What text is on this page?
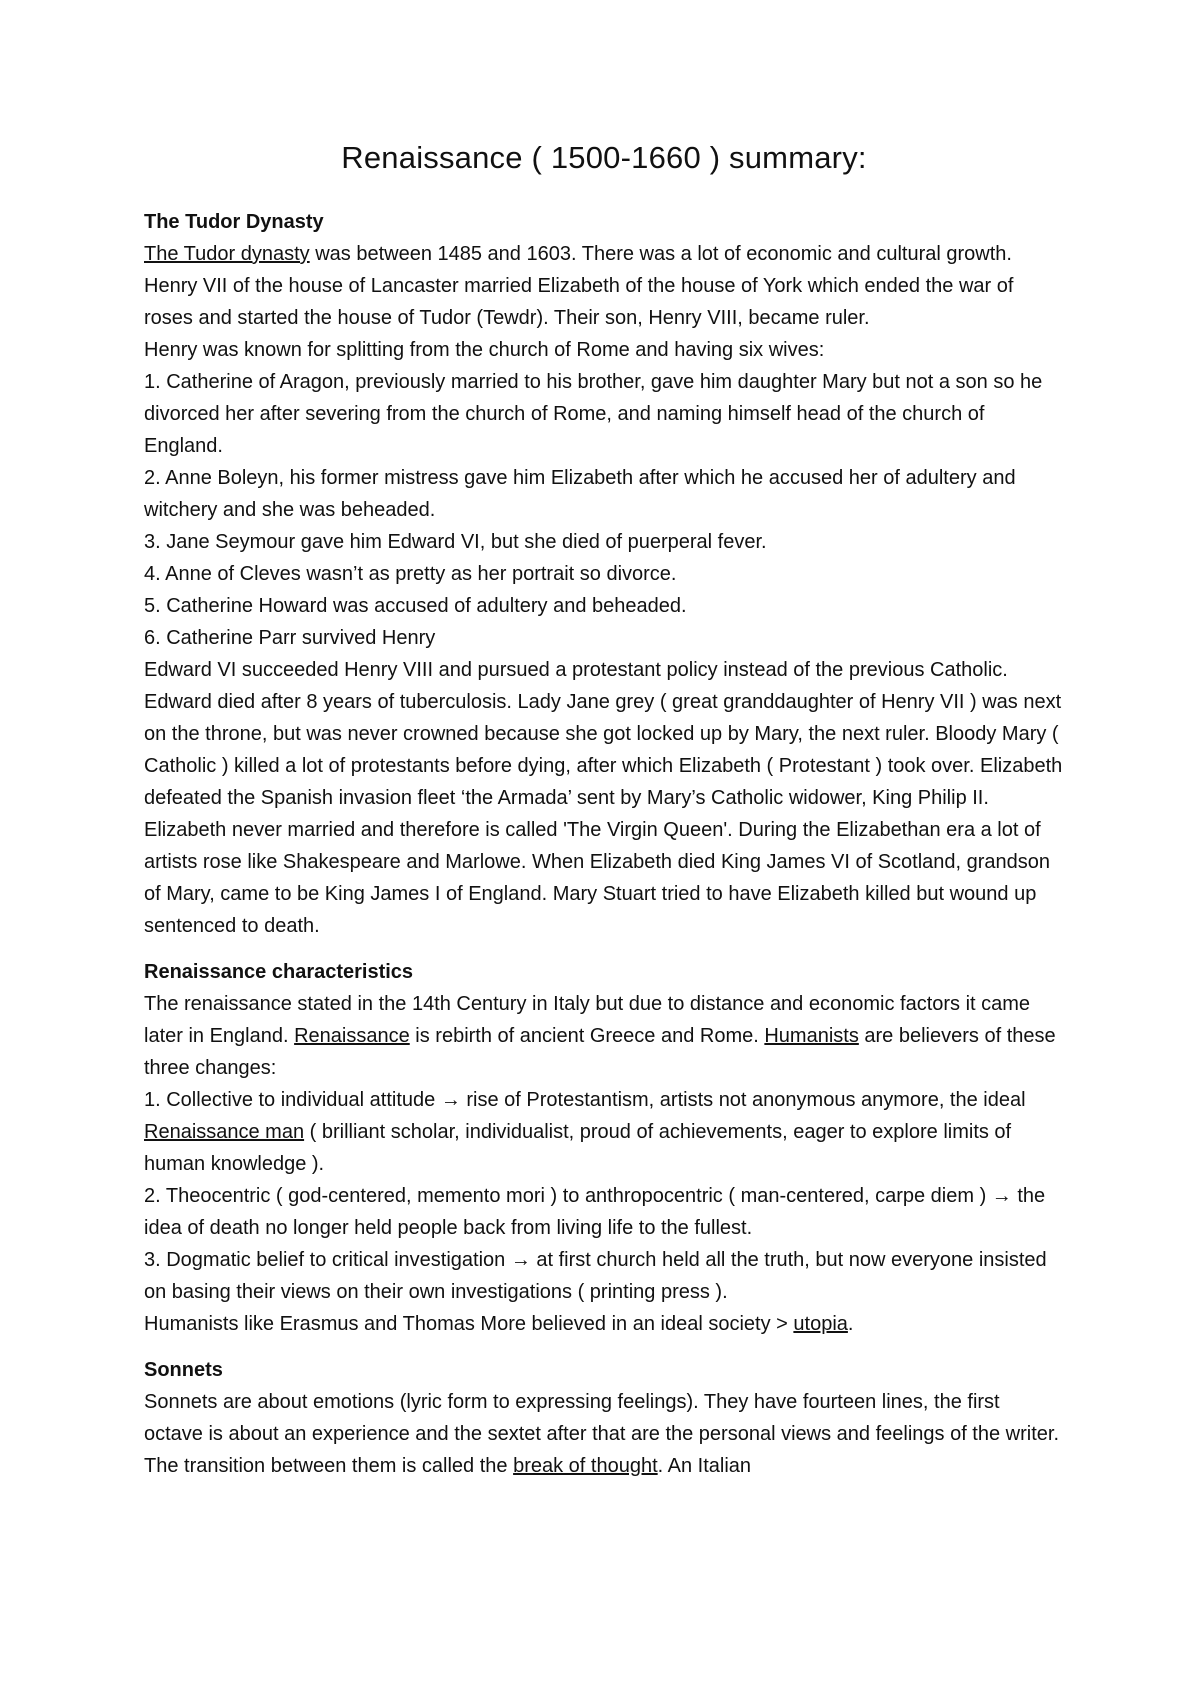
Renaissance ( 1500-1660 ) summary:

The Tudor Dynasty

The Tudor dynasty was between 1485 and 1603. There was a lot of economic and cultural growth.

Henry VII of the house of Lancaster married Elizabeth of the house of York which ended the war of roses and started the house of Tudor (Tewdr). Their son, Henry VIII, became ruler.

Henry was known for splitting from the church of Rome and having six wives:

1. Catherine of Aragon, previously married to his brother, gave him daughter Mary but not a son so he divorced her after severing from the church of Rome, and naming himself head of the church of England.

2. Anne Boleyn, his former mistress gave him Elizabeth after which he accused her of adultery and witchery and she was beheaded.

3. Jane Seymour gave him Edward VI, but she died of puerperal fever.

4. Anne of Cleves wasn’t as pretty as her portrait so divorce.

5. Catherine Howard was accused of adultery and beheaded.

6. Catherine Parr survived Henry

Edward VI succeeded Henry VIII and pursued a protestant policy instead of the previous Catholic. Edward died after 8 years of tuberculosis. Lady Jane grey ( great granddaughter of Henry VII ) was next on the throne, but was never crowned because she got locked up by Mary, the next ruler. Bloody Mary ( Catholic ) killed a lot of protestants before dying, after which Elizabeth ( Protestant ) took over. Elizabeth defeated the Spanish invasion fleet ‘the Armada’ sent by Mary’s Catholic widower, King Philip II.

Elizabeth never married and therefore is called 'The Virgin Queen'. During the Elizabethan era a lot of artists rose like Shakespeare and Marlowe. When Elizabeth died King James VI of Scotland, grandson of Mary, came to be King James I of England. Mary Stuart tried to have Elizabeth killed but wound up sentenced to death.

Renaissance characteristics

The renaissance stated in the 14th Century in Italy but due to distance and economic factors it came later in England. Renaissance is rebirth of ancient Greece and Rome. Humanists are believers of these three changes:

1. Collective to individual attitude → rise of Protestantism, artists not anonymous anymore, the ideal Renaissance man ( brilliant scholar, individualist, proud of achievements, eager to explore limits of human knowledge ).

2. Theocentric ( god-centered, memento mori ) to anthropocentric ( man-centered, carpe diem ) → the idea of death no longer held people back from living life to the fullest.

3. Dogmatic belief to critical investigation → at first church held all the truth, but now everyone insisted on basing their views on their own investigations ( printing press ).

Humanists like Erasmus and Thomas More believed in an ideal society > utopia.

Sonnets

Sonnets are about emotions (lyric form to expressing feelings). They have fourteen lines, the first octave is about an experience and the sextet after that are the personal views and feelings of the writer. The transition between them is called the break of thought. An Italian
